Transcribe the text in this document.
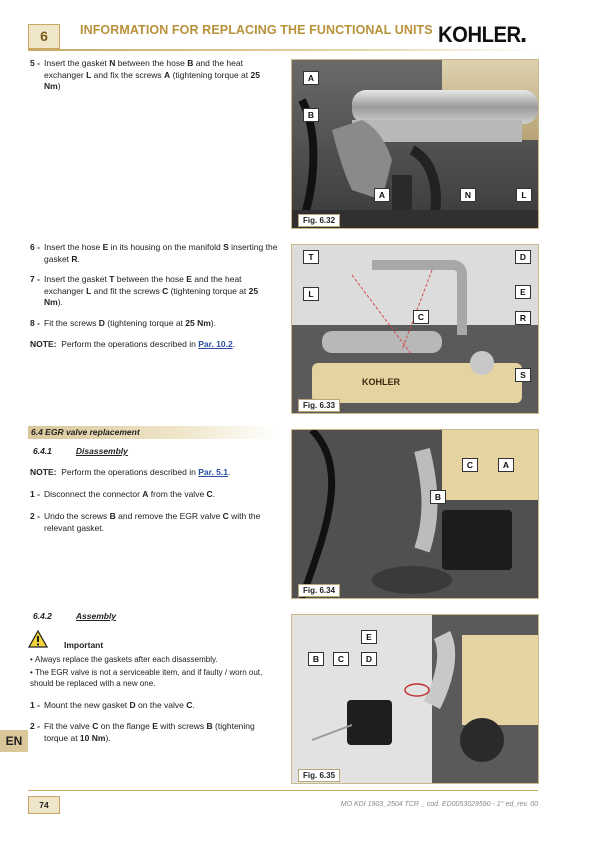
6	INFORMATION FOR REPLACING THE FUNCTIONAL UNITS KOHLER
5 - Insert the gasket N between the hose B and the heat exchanger L and fix the screws A (tightening torque at 25 Nm)
A
B
A	N	L
Fig. 6.32
6 - Insert the hose E in its housing on the manifold S inserting the gasket R.
7 - Insert the gasket T between the hose E and the heat exchanger L and fit the screws C (tightening torque at 25 Nm).
8 - Fit the screws D (tightening torque at 25 Nm).
NOTE: Perform the operations described in Par. 10.2.
KOHLER
T	D
L	E
C	R
S
Fig. 6.33
6.4 EGR valve replacement
6.4.1	Disassembly
NOTE: Perform the operations described in Par. 5.1.
1 - Disconnect the connector A from the valve C.
2 - Undo the screws B and remove the EGR valve C with the relevant gasket.
C	A
B
Fig. 6.34
6.4.2	Assembly
Important
• Always replace the gaskets after each disassembly.
• The EGR valve is not a serviceable item, and if faulty / worn out, should be replaced with a new one.
1 - Mount the new gasket D on the valve C.
2 - Fit the valve C on the flange E with screws B (tightening torque at 10 Nm).
E
B	C	D
Fig. 6.35
EN
74	MO KDI 1903_2504 TCR _ cod. ED0053029590 - 1° ed_rev. 00
